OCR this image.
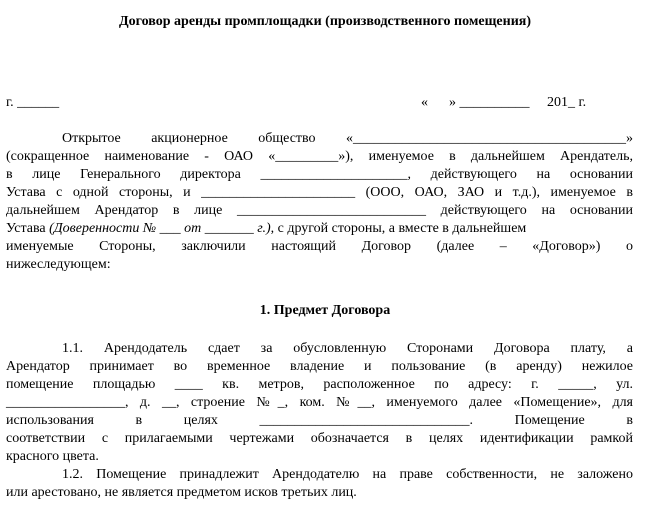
Договор аренды промплощадки (производственного помещения)
г. ______	«      » __________     201_ г.
Открытое акционерное общество «_______________________________________»
(сокращенное наименование - ОАО «_________»), именуемое в дальнейшем Арендатель,
в лице Генерального директора _____________________, действующего на основании
Устава с одной стороны, и ______________________ (ООО, ОАО, ЗАО и т.д.), именуемое в
дальнейшем Арендатор в лице ___________________________ действующего на основании
Устава (Доверенности № ___ от _______ г.), с другой стороны, а вместе в дальнейшем
именуемые Стороны, заключили настоящий Договор (далее – «Договор») о
нижеследующем:
1. Предмет Договора
1.1. Арендодатель сдает за обусловленную Сторонами Договора плату, а
Арендатор принимает во временное владение и пользование (в аренду) нежилое
помещение площадью ____ кв. метров, расположенное по адресу: г. _____, ул.
_________________, д. __, строение №_, ком. №__, именуемого далее «Помещение», для
использования в целях ______________________________. Помещение в
соответствии с прилагаемыми чертежами обозначается в целях идентификации рамкой
красного цвета.
1.2. Помещение принадлежит Арендодателю на праве собственности, не заложено
или арестовано, не является предметом исков третьих лиц.
